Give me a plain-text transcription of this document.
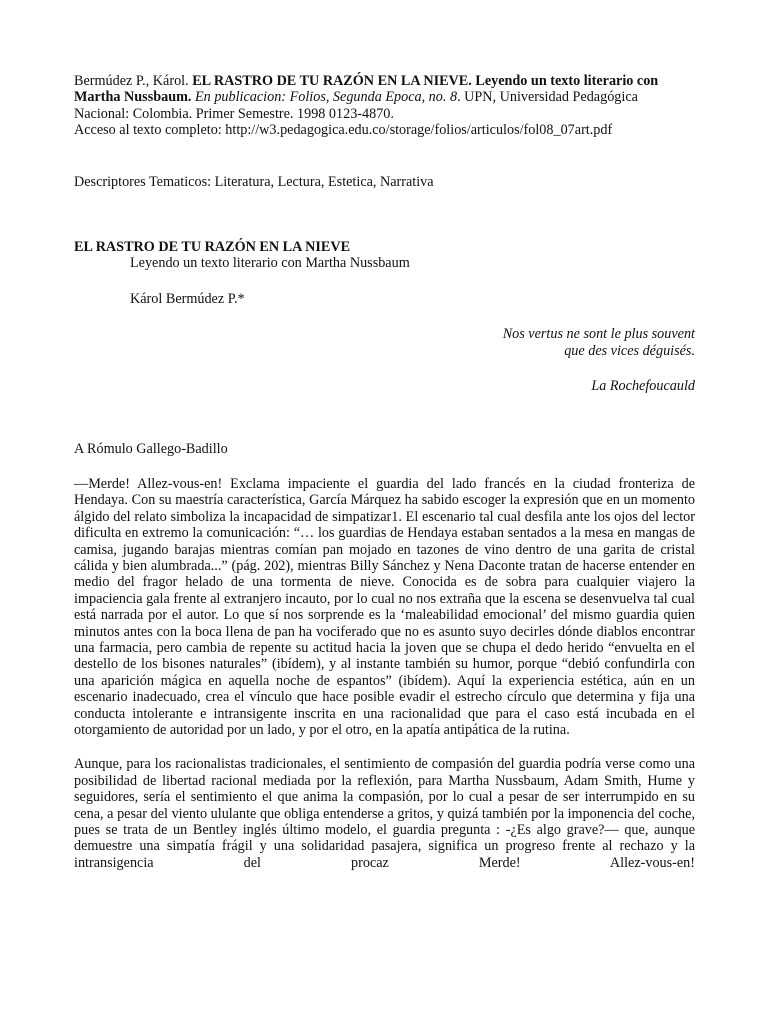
Bermúdez P., Károl. EL RASTRO DE TU RAZÓN EN LA NIEVE. Leyendo un texto literario con Martha Nussbaum. En publicacion: Folios, Segunda Epoca, no. 8. UPN, Universidad Pedagógica Nacional: Colombia. Primer Semestre. 1998 0123-4870.
Acceso al texto completo: http://w3.pedagogica.edu.co/storage/folios/articulos/fol08_07art.pdf
Descriptores Tematicos: Literatura, Lectura, Estetica, Narrativa
EL RASTRO DE TU RAZÓN EN LA NIEVE
Leyendo un texto literario con Martha Nussbaum
Károl Bermúdez P.*
Nos vertus ne sont le plus souvent
que des vices déguisés.
La Rochefoucauld
A Rómulo Gallego-Badillo
—Merde! Allez-vous-en! Exclama impaciente el guardia del lado francés en la ciudad fronteriza de Hendaya. Con su maestría característica, García Márquez ha sabido escoger la expresión que en un momento álgido del relato simboliza la incapacidad de simpatizar1. El escenario tal cual desfila ante los ojos del lector dificulta en extremo la comunicación: “… los guardias de Hendaya estaban sentados a la mesa en mangas de camisa, jugando barajas mientras comían pan mojado en tazones de vino dentro de una garita de cristal cálida y bien alumbrada...” (pág. 202), mientras Billy Sánchez y Nena Daconte tratan de hacerse entender en medio del fragor helado de una tormenta de nieve. Conocida es de sobra para cualquier viajero la impaciencia gala frente al extranjero incauto, por lo cual no nos extraña que la escena se desenvuelva tal cual está narrada por el autor. Lo que sí nos sorprende es la ‘maleabilidad emocional’ del mismo guardia quien minutos antes con la boca llena de pan ha vociferado que no es asunto suyo decirles dónde diablos encontrar una farmacia, pero cambia de repente su actitud hacia la joven que se chupa el dedo herido “envuelta en el destello de los bisones naturales” (ibídem), y al instante también su humor, porque “debió confundirla con una aparición mágica en aquella noche de espantos” (ibídem). Aquí la experiencia estética, aún en un escenario inadecuado, crea el vínculo que hace posible evadir el estrecho círculo que determina y fija una conducta intolerante e intransigente inscrita en una racionalidad que para el caso está incubada en el otorgamiento de autoridad por un lado, y por el otro, en la apatía antipática de la rutina.
Aunque, para los racionalistas tradicionales, el sentimiento de compasión del guardia podría verse como una posibilidad de libertad racional mediada por la reflexión, para Martha Nussbaum, Adam Smith, Hume y seguidores, sería el sentimiento el que anima la compasión, por lo cual a pesar de ser interrumpido en su cena, a pesar del viento ululante que obliga entenderse a gritos, y quizá también por la imponencia del coche, pues se trata de un Bentley inglés último modelo, el guardia pregunta : -¿Es algo grave?— que, aunque demuestre una simpatía frágil y una solidaridad pasajera, significa un progreso frente al rechazo y la intransigencia del procaz Merde! Allez-vous-en!
